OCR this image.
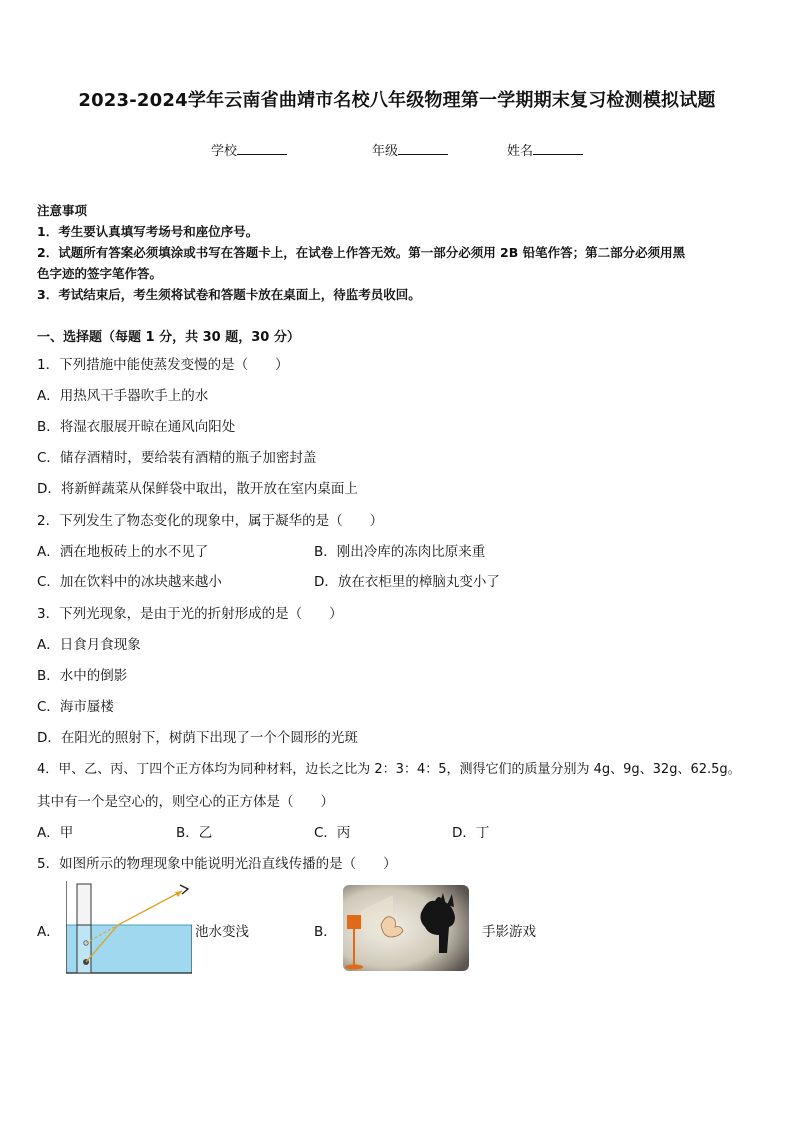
2023-2024学年云南省曲靖市名校八年级物理第一学期期末复习检测模拟试题
学校	年级	姓名
注意事项
1．考生要认真填写考场号和座位序号。
2．试题所有答案必须填涂或书写在答题卡上，在试卷上作答无效。第一部分必须用 2B 铅笔作答；第二部分必须用黑
色字迹的签字笔作答。
3．考试结束后，考生须将试卷和答题卡放在桌面上，待监考员收回。
一、选择题（每题 1 分，共 30 题，30 分）
1．下列措施中能使蒸发变慢的是（　　）
A．用热风干手器吹手上的水
B．将湿衣服展开晾在通风向阳处
C．储存酒精时，要给装有酒精的瓶子加密封盖
D．将新鲜蔬菜从保鲜袋中取出，散开放在室内桌面上
2．下列发生了物态变化的现象中，属于凝华的是（　　）
A．洒在地板砖上的水不见了	B．刚出冷库的冻肉比原来重
C．加在饮料中的冰块越来越小	D．放在衣柜里的樟脑丸变小了
3．下列光现象，是由于光的折射形成的是（　　）
A．日食月食现象
B．水中的倒影
C．海市蜃楼
D．在阳光的照射下，树荫下出现了一个个圆形的光斑
4．甲、乙、丙、丁四个正方体均为同种材料，边长之比为 2：3：4：5，测得它们的质量分别为 4g、9g、32g、62.5g。
其中有一个是空心的，则空心的正方体是（　　）
A．甲	B．乙	C．丙	D．丁
5．如图所示的物理现象中能说明光沿直线传播的是（　　）
A．	池水变浅	B．	手影游戏
